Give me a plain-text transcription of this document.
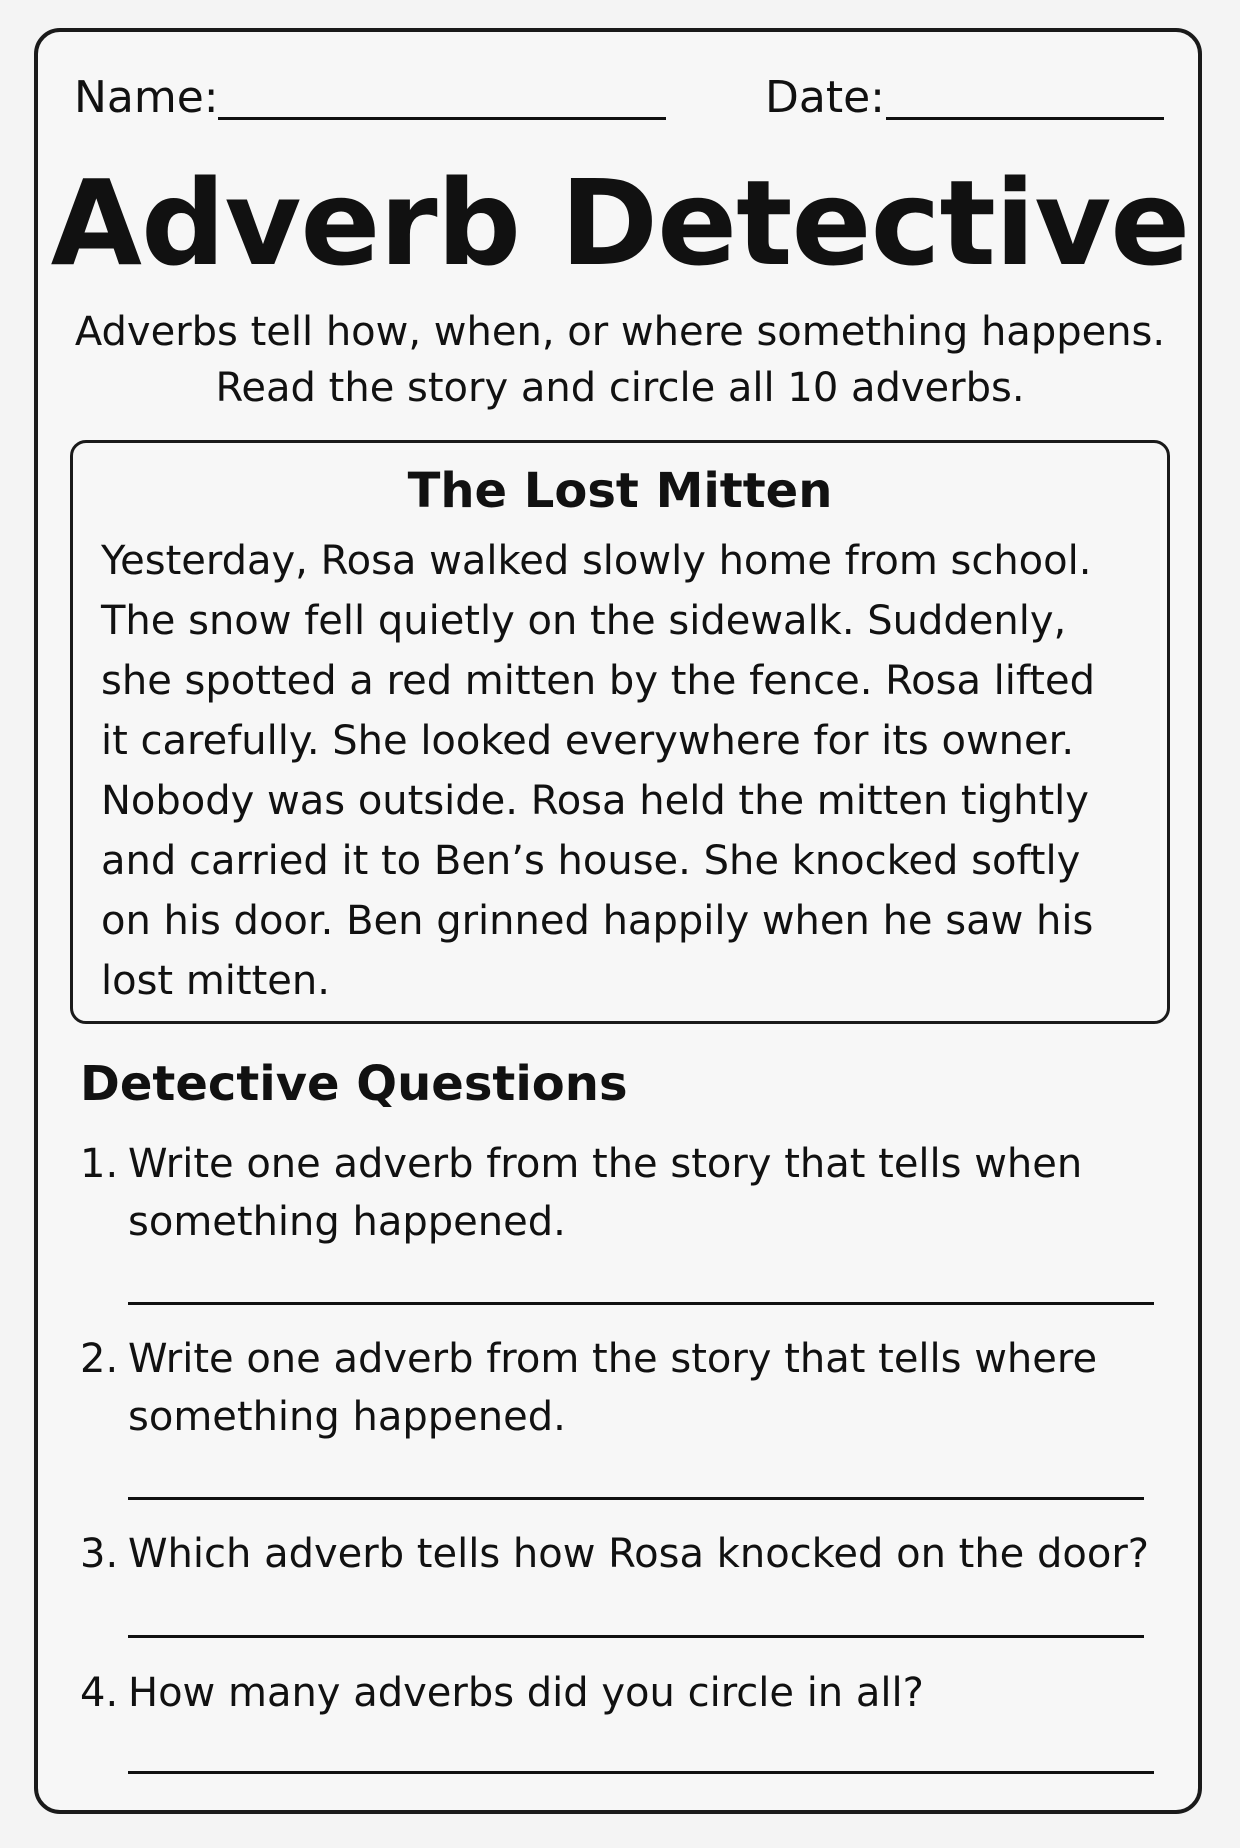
Name:	Date:
Adverb Detective
Adverbs tell how, when, or where something happens.
Read the story and circle all 10 adverbs.
The Lost Mitten
Yesterday, Rosa walked slowly home from school.
The snow fell quietly on the sidewalk. Suddenly,
she spotted a red mitten by the fence. Rosa lifted
it carefully. She looked everywhere for its owner.
Nobody was outside. Rosa held the mitten tightly
and carried it to Ben’s house. She knocked softly
on his door. Ben grinned happily when he saw his
lost mitten.
Detective Questions
1. Write one adverb from the story that tells when something happened.
2. Write one adverb from the story that tells where something happened.
3. Which adverb tells how Rosa knocked on the door?
4. How many adverbs did you circle in all?
